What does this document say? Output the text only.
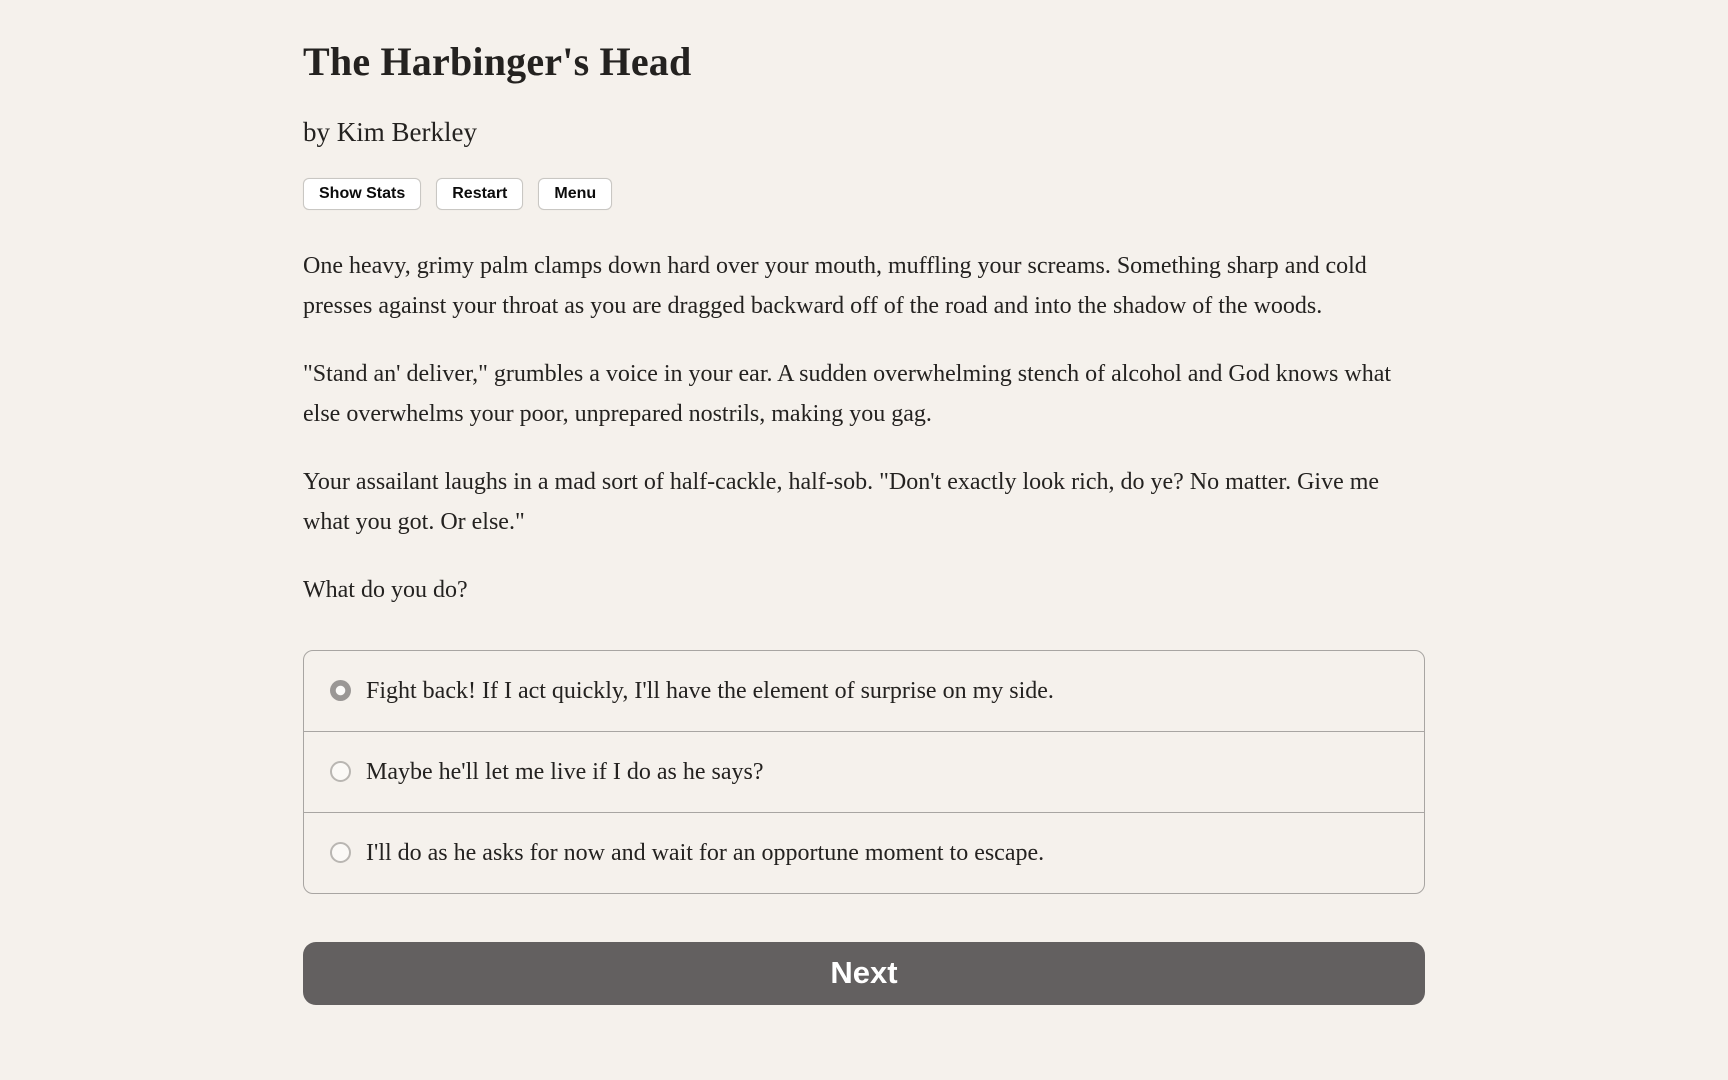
The Harbinger's Head
by Kim Berkley
Show Stats	Restart	Menu

One heavy, grimy palm clamps down hard over your mouth, muffling your screams. Something sharp and cold presses against your throat as you are dragged backward off of the road and into the shadow of the woods.

"Stand an' deliver," grumbles a voice in your ear. A sudden overwhelming stench of alcohol and God knows what else overwhelms your poor, unprepared nostrils, making you gag.

Your assailant laughs in a mad sort of half-cackle, half-sob. "Don't exactly look rich, do ye? No matter. Give me what you got. Or else."

What do you do?

Fight back! If I act quickly, I'll have the element of surprise on my side.
Maybe he'll let me live if I do as he says?
I'll do as he asks for now and wait for an opportune moment to escape.
Next
